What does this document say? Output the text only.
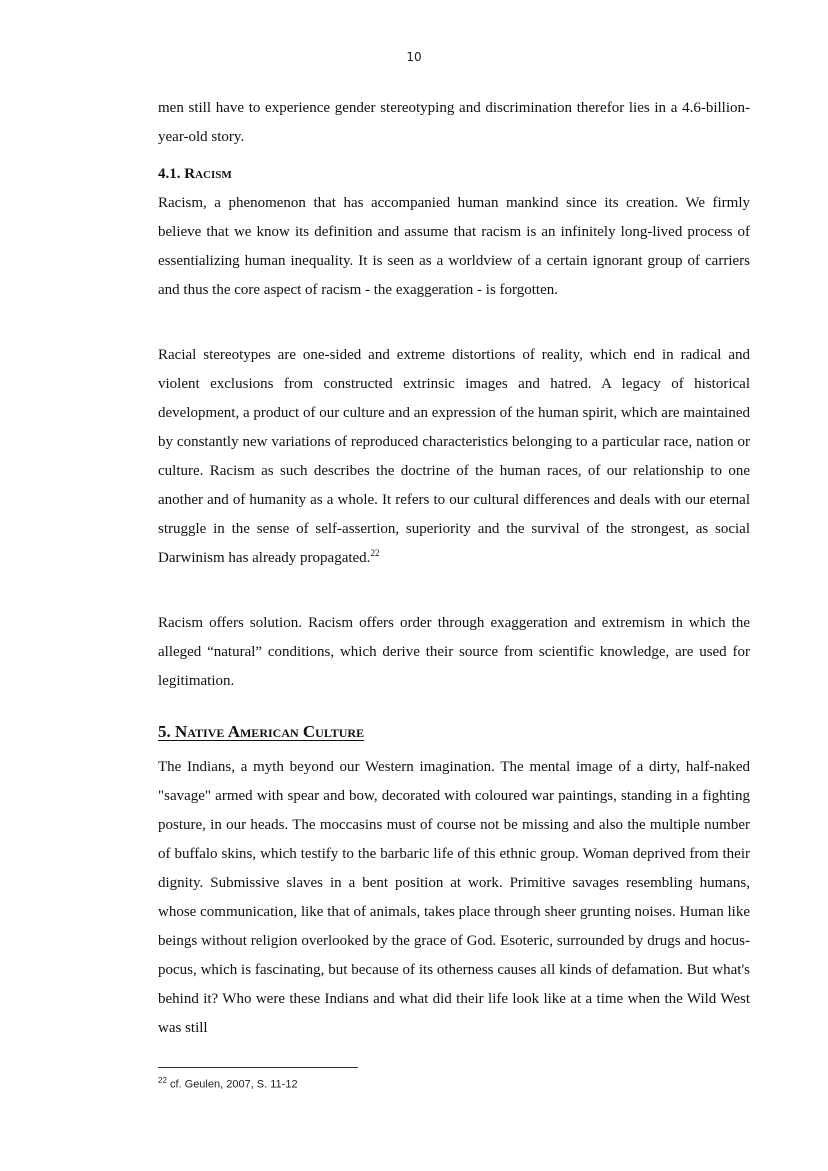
10

men still have to experience gender stereotyping and discrimination therefor lies in a 4.6-billion-year-old story.

4.1. Racism

Racism, a phenomenon that has accompanied human mankind since its creation. We firmly believe that we know its definition and assume that racism is an infinitely long-lived process of essentializing human inequality. It is seen as a worldview of a certain ignorant group of carriers and thus the core aspect of racism - the exaggeration - is forgotten.

Racial stereotypes are one-sided and extreme distortions of reality, which end in radical and violent exclusions from constructed extrinsic images and hatred. A legacy of historical development, a product of our culture and an expression of the human spirit, which are maintained by constantly new variations of reproduced characteristics belonging to a particular race, nation or culture. Racism as such describes the doctrine of the human races, of our relationship to one another and of humanity as a whole. It refers to our cultural differences and deals with our eternal struggle in the sense of self-assertion, superiority and the survival of the strongest, as social Darwinism has already propagated.$^{22}$

Racism offers solution. Racism offers order through exaggeration and extremism in which the alleged “natural” conditions, which derive their source from scientific knowledge, are used for legitimation.

5. Native American Culture

The Indians, a myth beyond our Western imagination. The mental image of a dirty, half-naked "savage" armed with spear and bow, decorated with coloured war paintings, standing in a fighting posture, in our heads. The moccasins must of course not be missing and also the multiple number of buffalo skins, which testify to the barbaric life of this ethnic group. Woman deprived from their dignity. Submissive slaves in a bent position at work. Primitive savages resembling humans, whose communication, like that of animals, takes place through sheer grunting noises. Human like beings without religion overlooked by the grace of God. Esoteric, surrounded by drugs and hocus-pocus, which is fascinating, but because of its otherness causes all kinds of defamation. But what's behind it? Who were these Indians and what did their life look like at a time when the Wild West was still

$^{22}$ cf. Geulen, 2007, S. 11-12
